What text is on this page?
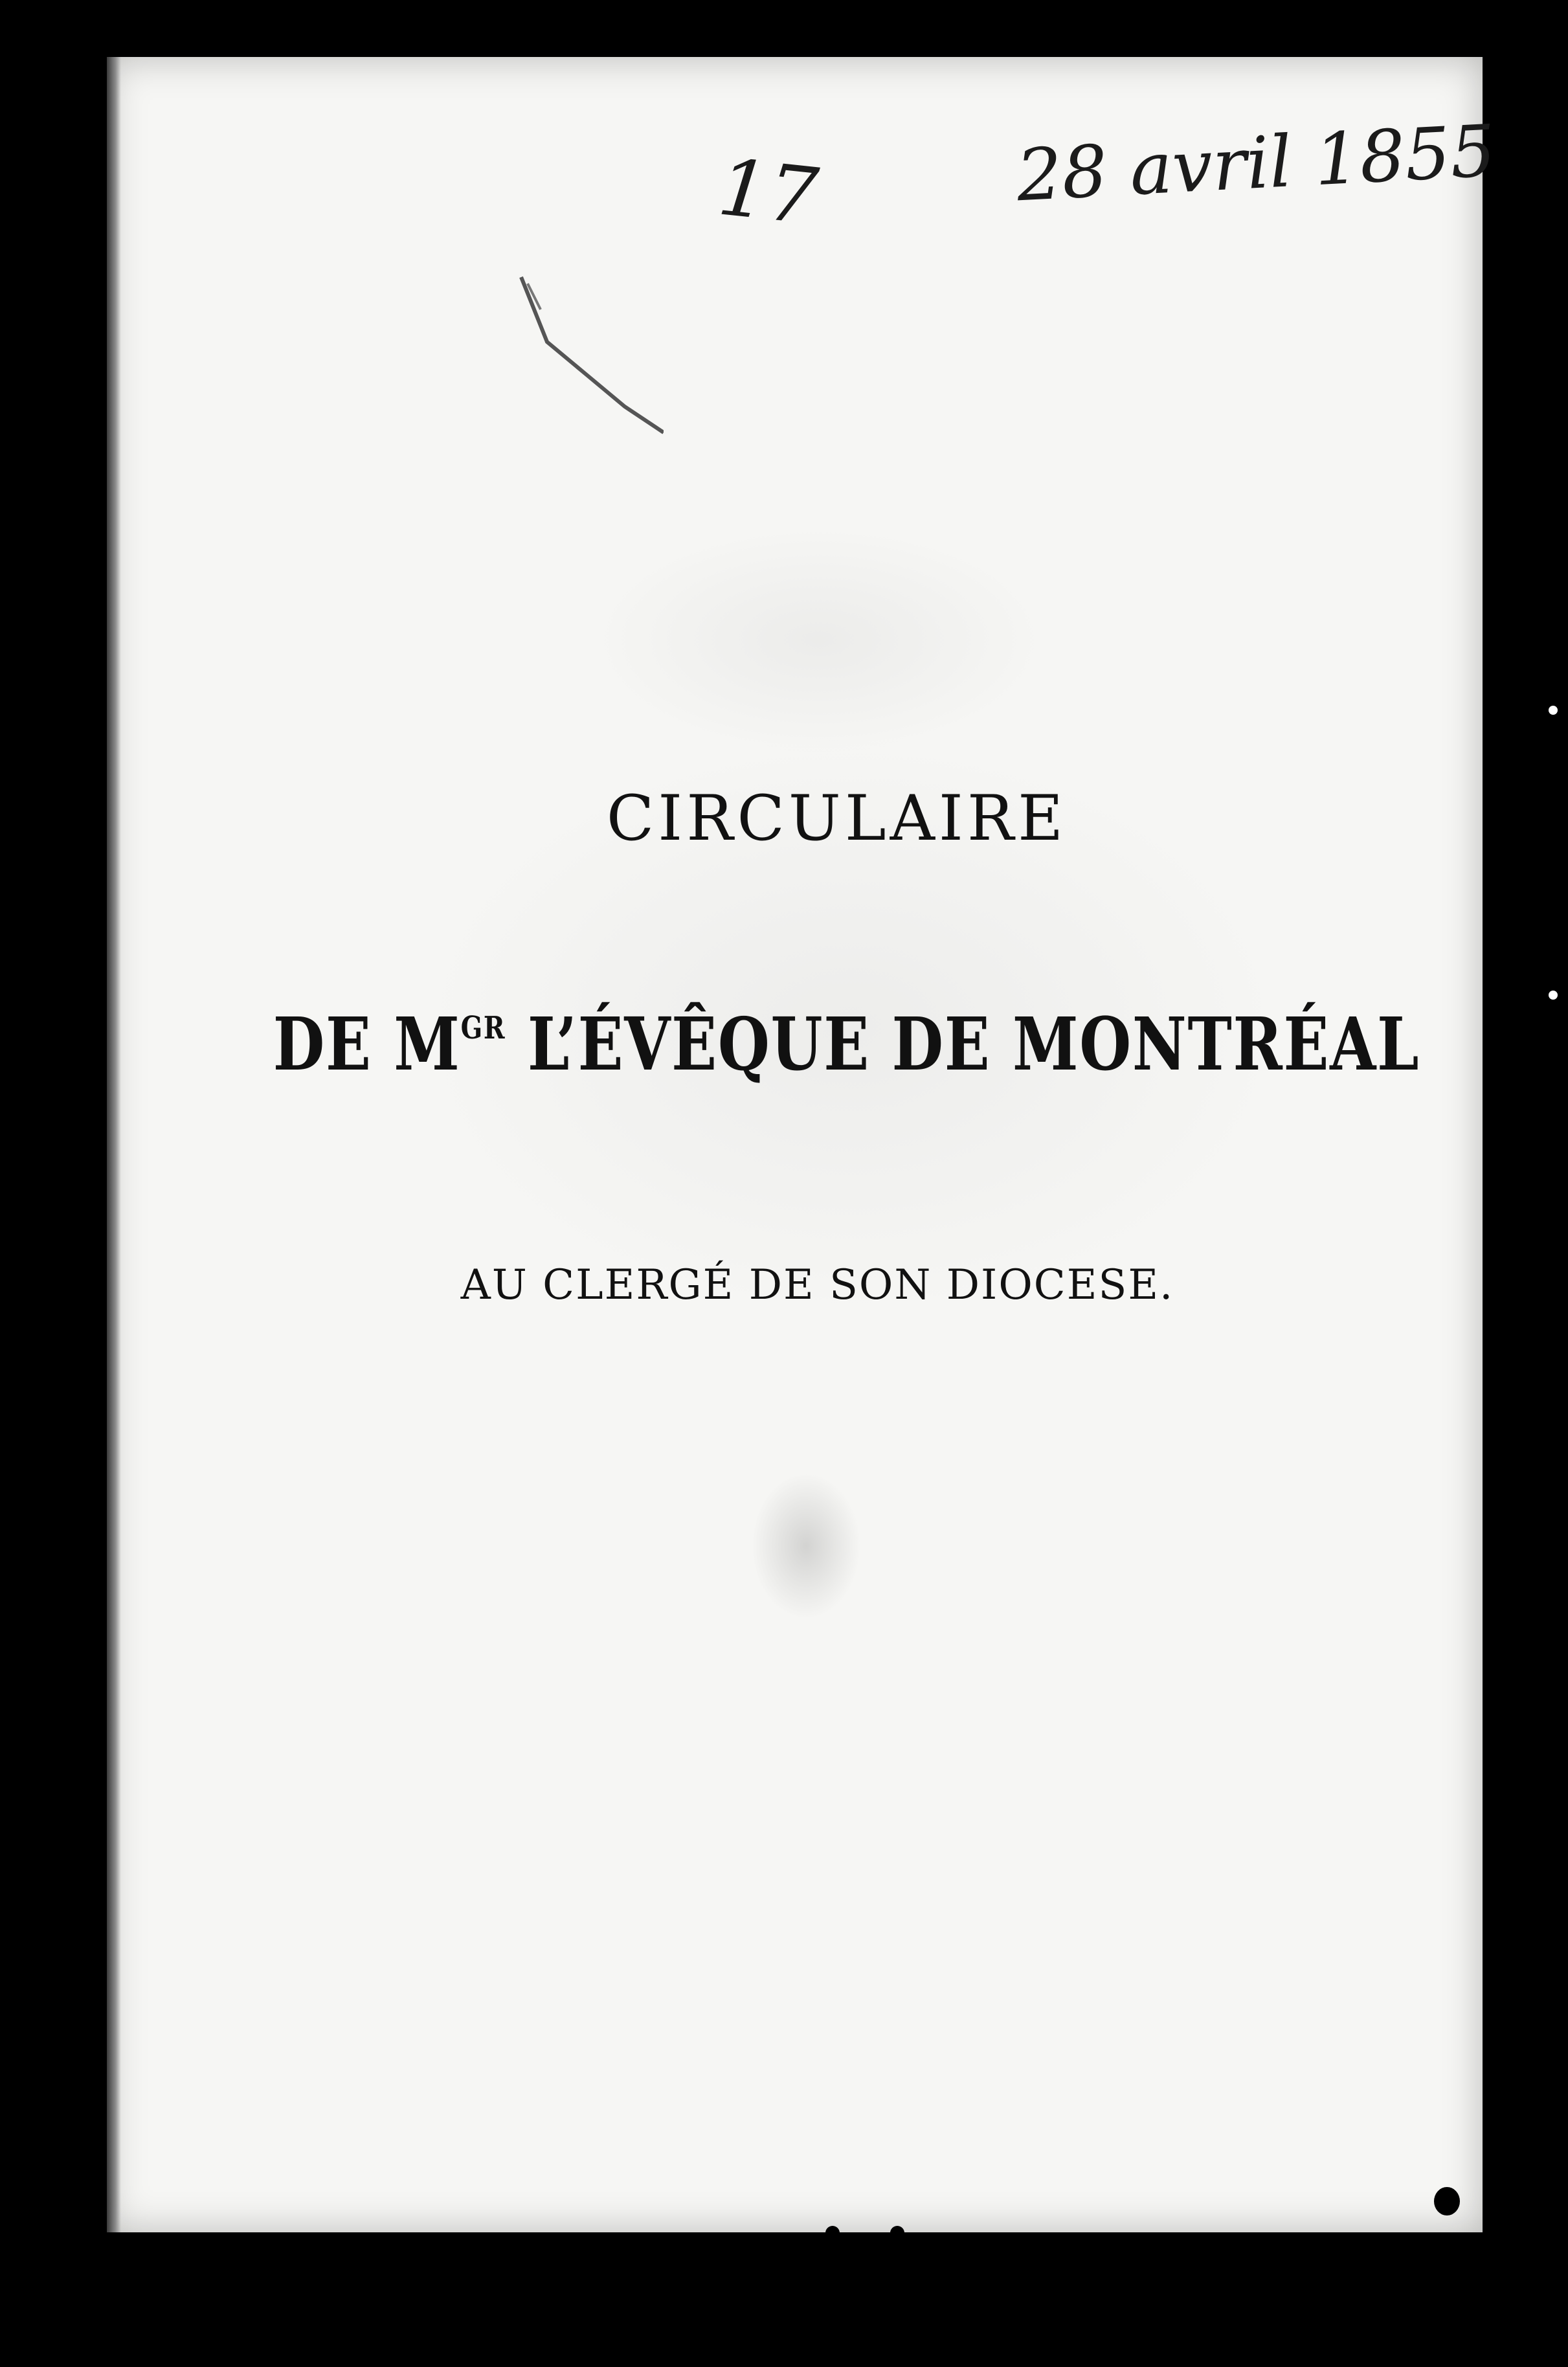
17	28 avril 1855
CIRCULAIRE
DE $M^{GR}$ L’ÉVÊQUE DE MONTRÉAL
AU CLERGÉ DE SON DIOCESE.
